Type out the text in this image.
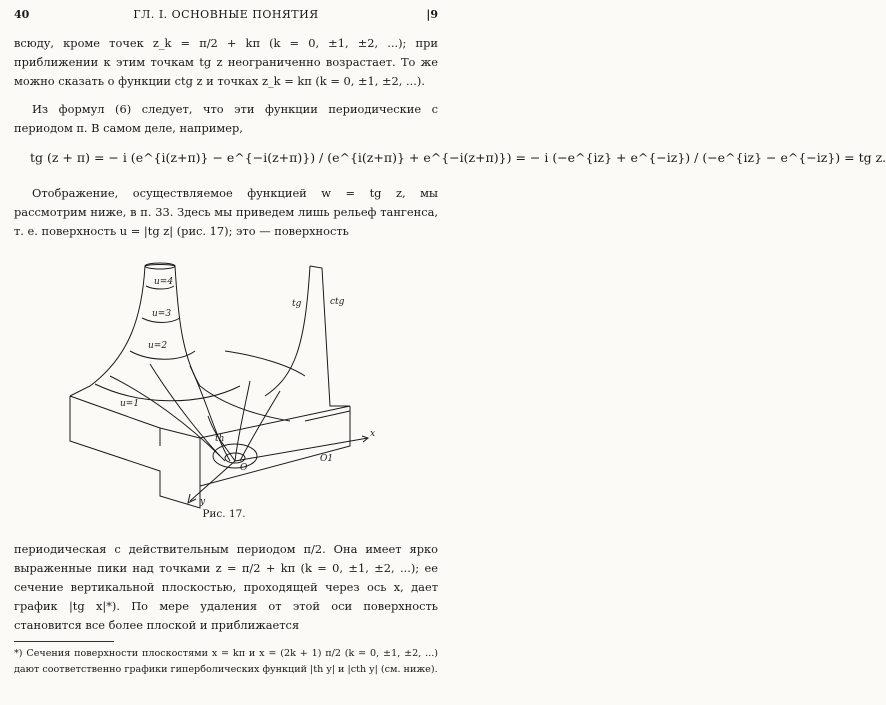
40	ГЛ. I. ОСНОВНЫЕ ПОНЯТИЯ	|9
всюду, кроме точек z_k = π/2 + kπ (k = 0, ±1, ±2, ...); при приближении к этим точкам tg z неограниченно возрастает. То же можно сказать о функции ctg z и точках z_k = kπ (k = 0, ±1, ±2, ...).
Из формул (6) следует, что эти функции периодические с периодом π. В самом деле, например,
tg (z + π) = − i (e^{i(z+π)} − e^{−i(z+π)}) / (e^{i(z+π)} + e^{−i(z+π)}) = − i (−e^{iz} + e^{−iz}) / (−e^{iz} − e^{−iz}) = tg z.
Отображение, осуществляемое функцией w = tg z, мы рассмотрим ниже, в п. 33. Здесь мы приведем лишь рельеф тангенса, т. е. поверхность u = |tg z| (рис. 17); это — поверхность
u=4
u=3
u=2
u=1
tg	ctg
th
O
O1
x
y
Рис. 17.
периодическая с действительным периодом π/2. Она имеет ярко выраженные пики над точками z = π/2 + kπ (k = 0, ±1, ±2, ...); ее сечение вертикальной плоскостью, проходящей через ось x, дает график |tg x|*). По мере удаления от этой оси поверхность становится все более плоской и приближается
*) Сечения поверхности плоскостями x = kπ и x = (2k + 1) π/2 (k = 0, ±1, ±2, ...) дают соответственно графики гиперболических функций |th y| и |cth y| (см. ниже).
